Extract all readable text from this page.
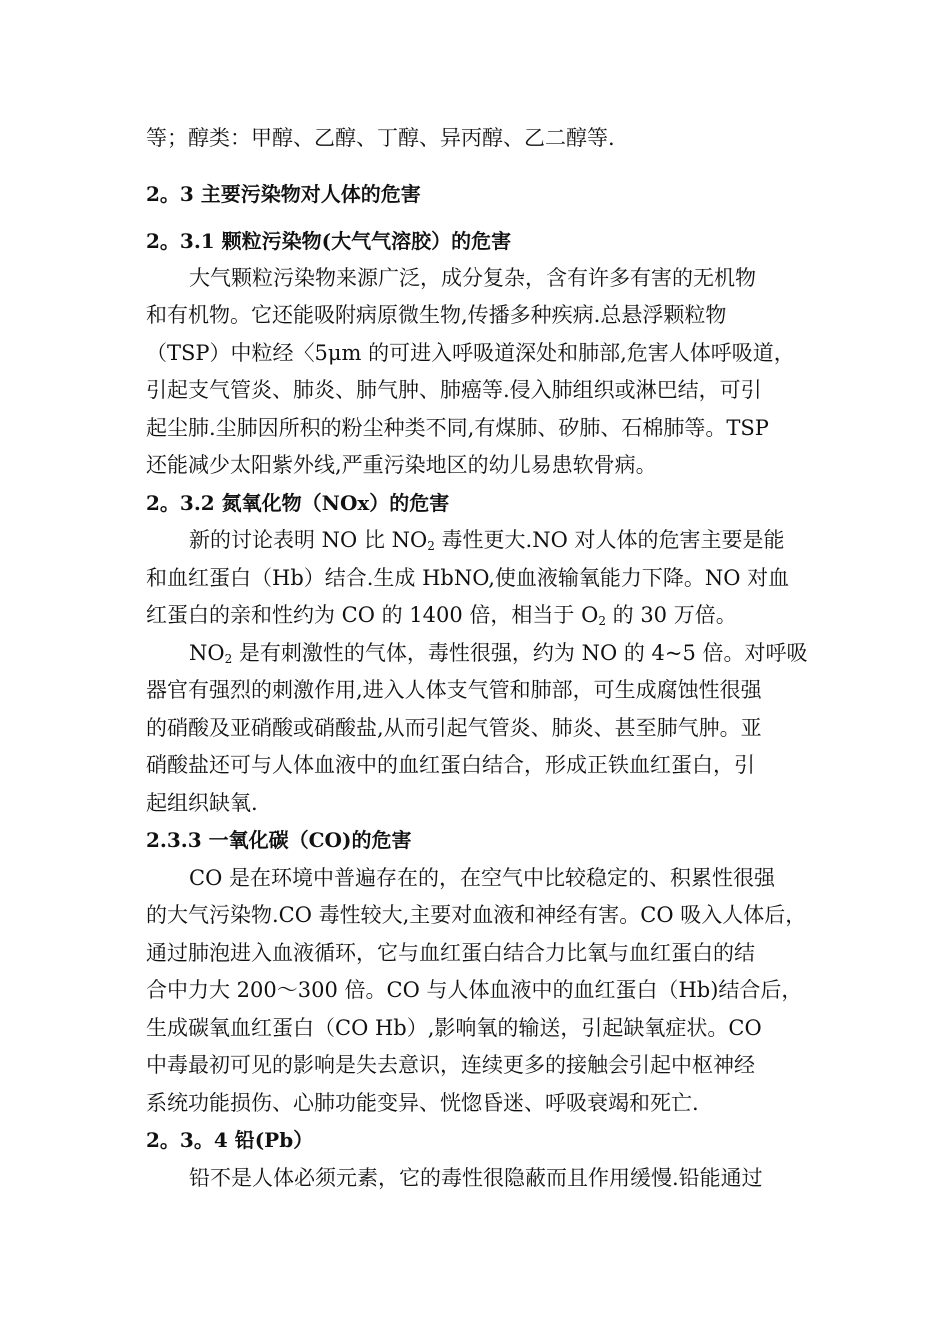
等；醇类：甲醇、乙醇、丁醇、异丙醇、乙二醇等.

2。3 主要污染物对人体的危害

2。3.1 颗粒污染物(大气气溶胶）的危害

大气颗粒污染物来源广泛，成分复杂，含有许多有害的无机物

和有机物。它还能吸附病原微生物,传播多种疾病.总悬浮颗粒物

（TSP）中粒经〈5μm 的可进入呼吸道深处和肺部,危害人体呼吸道，

引起支气管炎、肺炎、肺气肿、肺癌等.侵入肺组织或淋巴结，可引

起尘肺.尘肺因所积的粉尘种类不同,有煤肺、矽肺、石棉肺等。TSP

还能减少太阳紫外线,严重污染地区的幼儿易患软骨病。

2。3.2 氮氧化物（NOx）的危害

新的讨论表明 NO 比 $NO_2$ 毒性更大.NO 对人体的危害主要是能

和血红蛋白（Hb）结合.生成 HbNO,使血液输氧能力下降。NO 对血

红蛋白的亲和性约为 CO 的 1400 倍，相当于 $O_2$ 的 30 万倍。

$NO_2$ 是有刺激性的气体，毒性很强，约为 NO 的 4~5 倍。对呼吸

器官有强烈的刺激作用,进入人体支气管和肺部，可生成腐蚀性很强

的硝酸及亚硝酸或硝酸盐,从而引起气管炎、肺炎、甚至肺气肿。亚

硝酸盐还可与人体血液中的血红蛋白结合，形成正铁血红蛋白，引

起组织缺氧.

2.3.3 一氧化碳（CO)的危害

CO 是在环境中普遍存在的，在空气中比较稳定的、积累性很强

的大气污染物.CO 毒性较大,主要对血液和神经有害。CO 吸入人体后，

通过肺泡进入血液循环，它与血红蛋白结合力比氧与血红蛋白的结

合中力大 200～300 倍。CO 与人体血液中的血红蛋白（Hb)结合后，

生成碳氧血红蛋白（CO Hb）,影响氧的输送，引起缺氧症状。CO

中毒最初可见的影响是失去意识，连续更多的接触会引起中枢神经

系统功能损伤、心肺功能变异、恍惚昏迷、呼吸衰竭和死亡.

2。3。4 铅(Pb）

铅不是人体必须元素，它的毒性很隐蔽而且作用缓慢.铅能通过
